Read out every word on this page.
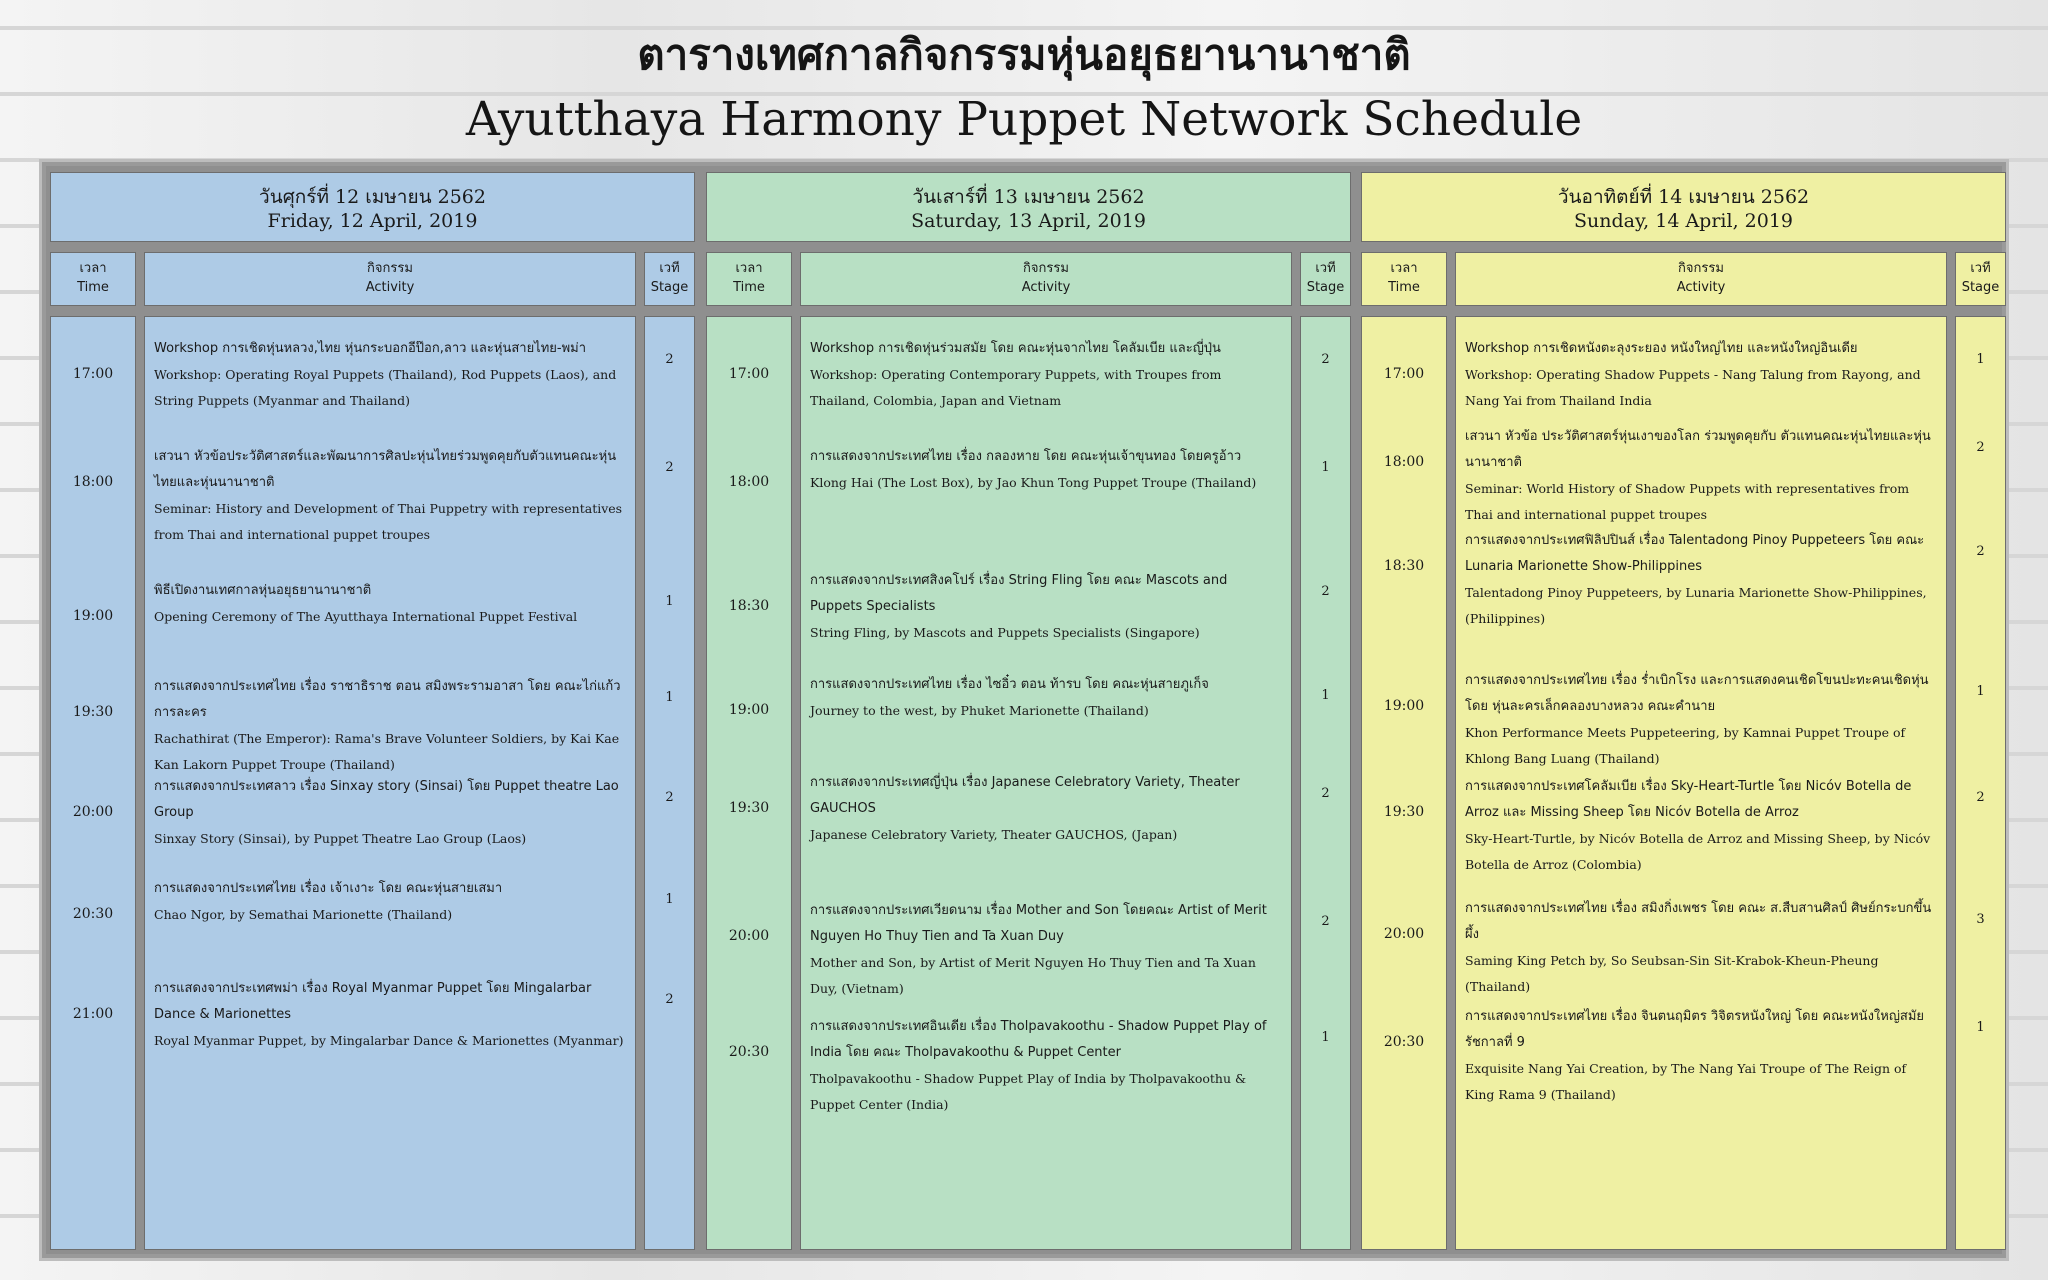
ตารางเทศกาลกิจกรรมหุ่นอยุธยานานาชาติ
Ayutthaya Harmony Puppet Network Schedule
วันศุกร์ที่ 12 เมษายน 2562
Friday, 12 April, 2019
เวลา
Time
กิจกรรม
Activity
เวที
Stage
17:00
Workshop การเชิดหุ่นหลวง,ไทย หุ่นกระบอกอีป๊อก,ลาว และหุ่นสายไทย-พม่า
Workshop: Operating Royal Puppets (Thailand), Rod Puppets (Laos), and String Puppets (Myanmar and Thailand)
2
18:00
เสวนา หัวข้อประวัติศาสตร์และพัฒนาการศิลปะหุ่นไทยร่วมพูดคุยกับตัวแทนคณะหุ่นไทยและหุ่นนานาชาติ
Seminar: History and Development of Thai Puppetry with representatives from Thai and international puppet troupes
2
19:00
พิธีเปิดงานเทศกาลหุ่นอยุธยานานาชาติ
Opening Ceremony of The Ayutthaya International Puppet Festival
1
19:30
การแสดงจากประเทศไทย เรื่อง ราชาธิราช ตอน สมิงพระรามอาสา โดย คณะไก่แก้วการละคร
Rachathirat (The Emperor): Rama's Brave Volunteer Soldiers, by Kai Kae Kan Lakorn Puppet Troupe (Thailand)
1
20:00
การแสดงจากประเทศลาว เรื่อง Sinxay story (Sinsai) โดย Puppet theatre Lao Group
Sinxay Story (Sinsai), by Puppet Theatre Lao Group (Laos)
2
20:30
การแสดงจากประเทศไทย เรื่อง เจ้าเงาะ โดย คณะหุ่นสายเสมา
Chao Ngor, by Semathai Marionette (Thailand)
1
21:00
การแสดงจากประเทศพม่า เรื่อง Royal Myanmar Puppet โดย Mingalarbar Dance & Marionettes
Royal Myanmar Puppet, by Mingalarbar Dance & Marionettes (Myanmar)
2
วันเสาร์ที่ 13 เมษายน 2562
Saturday, 13 April, 2019
เวลา
Time
กิจกรรม
Activity
เวที
Stage
17:00
Workshop การเชิดหุ่นร่วมสมัย โดย คณะหุ่นจากไทย โคลัมเบีย และญี่ปุ่น
Workshop: Operating Contemporary Puppets, with Troupes from Thailand, Colombia, Japan and Vietnam
2
18:00
การแสดงจากประเทศไทย เรื่อง กลองหาย โดย คณะหุ่นเจ้าขุนทอง โดยครูอ้าว
Klong Hai (The Lost Box), by Jao Khun Tong Puppet Troupe (Thailand)
1
18:30
การแสดงจากประเทศสิงคโปร์ เรื่อง String Fling โดย คณะ Mascots and Puppets Specialists
String Fling, by Mascots and Puppets Specialists (Singapore)
2
19:00
การแสดงจากประเทศไทย เรื่อง ไซอิ๋ว ตอน ท้ารบ โดย คณะหุ่นสายภูเก็จ
Journey to the west, by Phuket Marionette (Thailand)
1
19:30
การแสดงจากประเทศญี่ปุ่น เรื่อง Japanese Celebratory Variety, Theater GAUCHOS
Japanese Celebratory Variety, Theater GAUCHOS, (Japan)
2
20:00
การแสดงจากประเทศเวียดนาม เรื่อง Mother and Son โดยคณะ Artist of Merit Nguyen Ho Thuy Tien and Ta Xuan Duy
Mother and Son, by Artist of Merit Nguyen Ho Thuy Tien and Ta Xuan Duy, (Vietnam)
2
20:30
การแสดงจากประเทศอินเดีย เรื่อง Tholpavakoothu - Shadow Puppet Play of India โดย คณะ Tholpavakoothu & Puppet Center
Tholpavakoothu - Shadow Puppet Play of India by Tholpavakoothu & Puppet Center (India)
1
วันอาทิตย์ที่ 14 เมษายน 2562
Sunday, 14 April, 2019
เวลา
Time
กิจกรรม
Activity
เวที
Stage
17:00
Workshop การเชิดหนังตะลุงระยอง หนังใหญ่ไทย และหนังใหญ่อินเดีย
Workshop: Operating Shadow Puppets - Nang Talung from Rayong, and Nang Yai from Thailand India
1
18:00
เสวนา หัวข้อ ประวัติศาสตร์หุ่นเงาของโลก ร่วมพูดคุยกับ ตัวแทนคณะหุ่นไทยและหุ่นนานาชาติ
Seminar: World History of Shadow Puppets with representatives from Thai and international puppet troupes
2
18:30
การแสดงจากประเทศฟิลิปปินส์ เรื่อง Talentadong Pinoy Puppeteers โดย คณะ Lunaria Marionette Show-Philippines
Talentadong Pinoy Puppeteers, by Lunaria Marionette Show-Philippines, (Philippines)
2
19:00
การแสดงจากประเทศไทย เรื่อง ร่ำเบิกโรง และการแสดงคนเชิดโขนปะทะคนเชิดหุ่น โดย หุ่นละครเล็กคลองบางหลวง คณะคำนาย
Khon Performance Meets Puppeteering, by Kamnai Puppet Troupe of Khlong Bang Luang (Thailand)
1
19:30
การแสดงจากประเทศโคลัมเบีย เรื่อง Sky-Heart-Turtle โดย Nicóv Botella de Arroz และ Missing Sheep โดย Nicóv Botella de Arroz
Sky-Heart-Turtle, by Nicóv Botella de Arroz and Missing Sheep, by Nicóv Botella de Arroz (Colombia)
2
20:00
การแสดงจากประเทศไทย เรื่อง สมิงกิ่งเพชร โดย คณะ ส.สืบสานศิลป์ ศิษย์กระบกขึ้นผึ้ง
Saming King Petch by, So Seubsan-Sin Sit-Krabok-Kheun-Pheung (Thailand)
3
20:30
การแสดงจากประเทศไทย เรื่อง จินตนฤมิตร วิจิตรหนังใหญ่ โดย คณะหนังใหญ่สมัยรัชกาลที่ 9
Exquisite Nang Yai Creation, by The Nang Yai Troupe of The Reign of King Rama 9 (Thailand)
1
